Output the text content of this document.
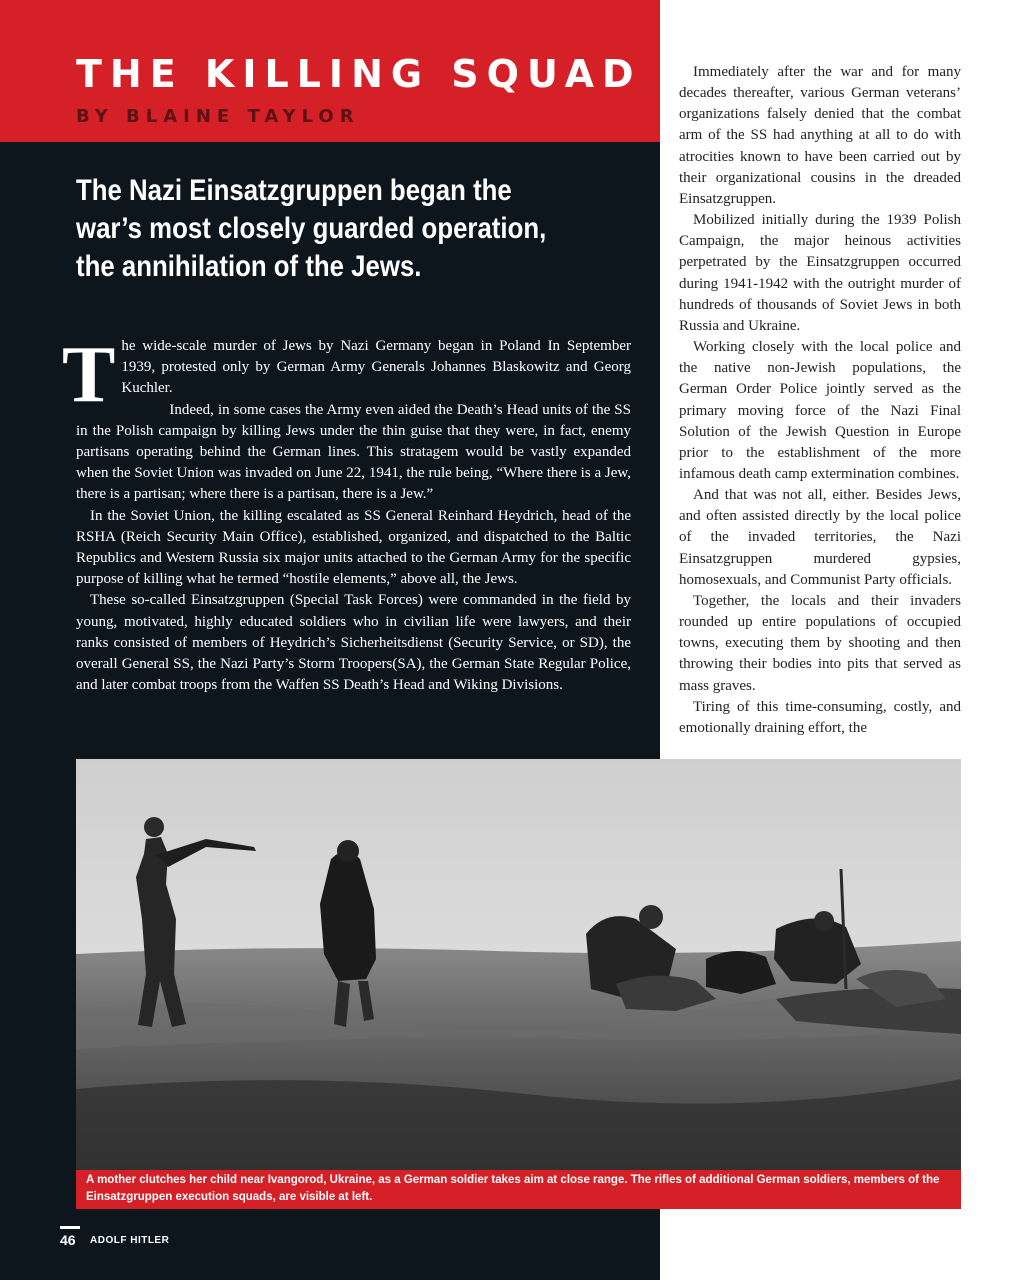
THE KILLING SQUAD
BY BLAINE TAYLOR
The Nazi Einsatzgruppen began the war’s most closely guarded operation, the annihilation of the Jews.

The wide-scale murder of Jews by Nazi Germany began in Poland In September 1939, protested only by German Army Generals Johannes Blaskowitz and Georg Kuchler.

Indeed, in some cases the Army even aided the Death’s Head units of the SS in the Polish campaign by killing Jews under the thin guise that they were, in fact, enemy partisans operating behind the German lines. This stratagem would be vastly expanded when the Soviet Union was invaded on June 22, 1941, the rule being, “Where there is a Jew, there is a partisan; where there is a partisan, there is a Jew.”

In the Soviet Union, the killing escalated as SS General Reinhard Heydrich, head of the RSHA (Reich Security Main Office), established, organized, and dispatched to the Baltic Republics and Western Russia six major units attached to the German Army for the specific purpose of killing what he termed “hostile elements,” above all, the Jews.

These so-called Einsatzgruppen (Special Task Forces) were commanded in the field by young, motivated, highly educated soldiers who in civilian life were lawyers, and their ranks consisted of members of Heydrich’s Sicherheitsdienst (Security Service, or SD), the overall General SS, the Nazi Party’s Storm Troopers(SA), the German State Regular Police, and later combat troops from the Waffen SS Death’s Head and Wiking Divisions.

Immediately after the war and for many decades thereafter, various German veterans’ organizations falsely denied that the combat arm of the SS had anything at all to do with atrocities known to have been carried out by their organizational cousins in the dreaded Einsatzgruppen.

Mobilized initially during the 1939 Polish Campaign, the major heinous activities perpetrated by the Einsatzgruppen occurred during 1941-1942 with the outright murder of hundreds of thousands of Soviet Jews in both Russia and Ukraine.

Working closely with the local police and the native non-Jewish populations, the German Order Police jointly served as the primary moving force of the Nazi Final Solution of the Jewish Question in Europe prior to the establishment of the more infamous death camp extermination combines.

And that was not all, either. Besides Jews, and often assisted directly by the local police of the invaded territories, the Nazi Einsatzgruppen murdered gypsies, homosexuals, and Communist Party officials.

Together, the locals and their invaders rounded up entire populations of occupied towns, executing them by shooting and then throwing their bodies into pits that served as mass graves.

Tiring of this time-consuming, costly, and emotionally draining effort, the

A mother clutches her child near Ivangorod, Ukraine, as a German soldier takes aim at close range. The rifles of additional German soldiers, members of the Einsatzgruppen execution squads, are visible at left.
46 ADOLF HITLER
